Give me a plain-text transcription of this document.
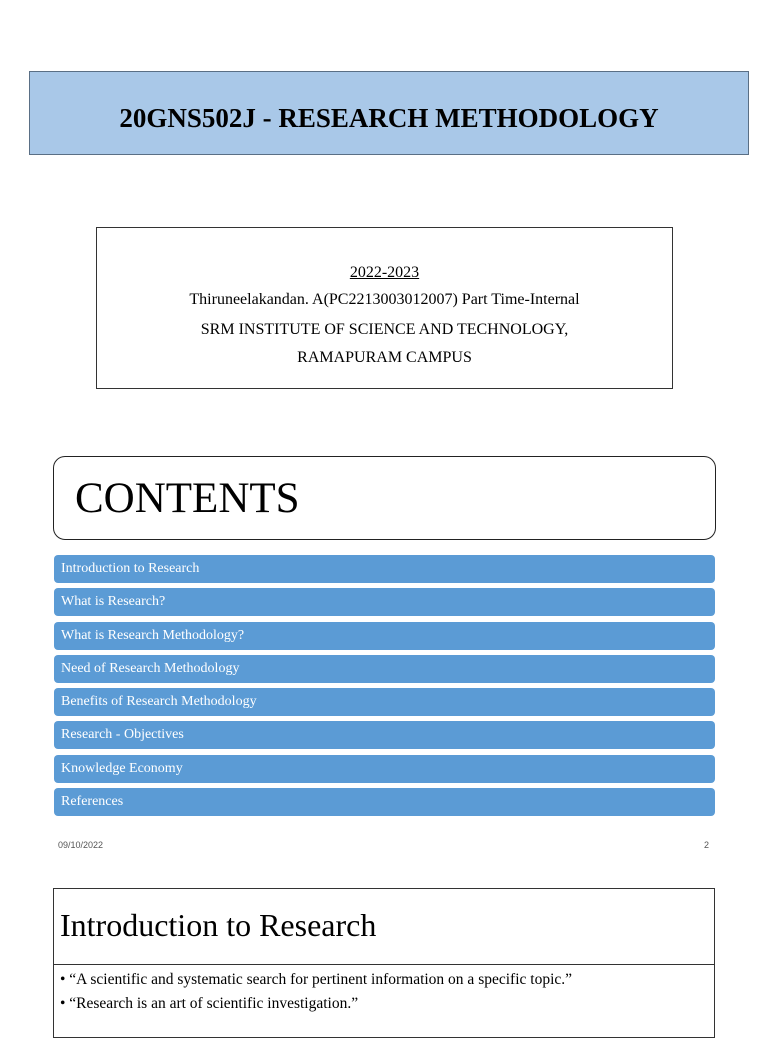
20GNS502J - RESEARCH METHODOLOGY
2022-2023
Thiruneelakandan. A(PC2213003012007) Part Time-Internal
SRM INSTITUTE OF SCIENCE AND TECHNOLOGY,
RAMAPURAM CAMPUS
CONTENTS
Introduction to Research
What is Research?
What is Research Methodology?
Need of Research Methodology
Benefits of Research Methodology
Research - Objectives
Knowledge Economy
References
09/10/2022	2
Introduction to Research
• “A scientific and systematic search for pertinent information on a specific topic.”
• “Research is an art of scientific investigation.”
